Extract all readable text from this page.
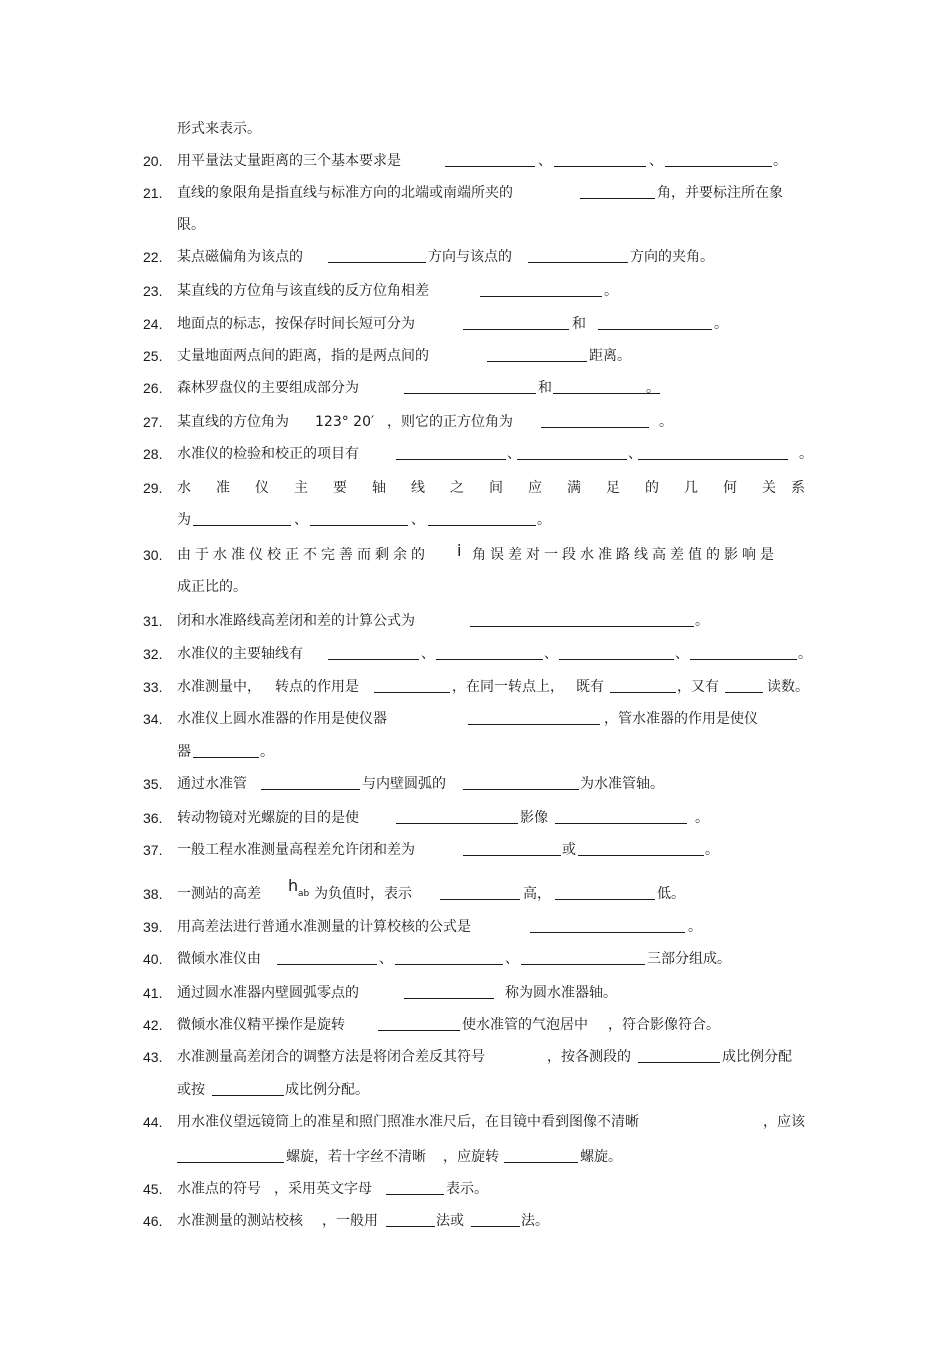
形式来表示。
20. 用平量法丈量距离的三个基本要求是	、	、	。
21. 直线的象限角是指直线与标准方向的北端或南端所夹的	角，并要标注所在象
限。
22. 某点磁偏角为该点的	方向与该点的	方向的夹角。
23. 某直线的方位角与该直线的反方位角相差	。
24. 地面点的标志，按保存时间长短可分为	和	。
25. 丈量地面两点间的距离，指的是两点间的	距离。
26. 森林罗盘仪的主要组成部分为	和	。
27. 某直线的方位角为 123° 20′ ，则它的正方位角为	。
28. 水准仪的检验和校正的项目有	、	、	。
29. 水 准 仪 主 要 轴 线 之 间 应 满 足 的 几 何 关 系
为	、	、	。
30. 由于水准仪校正不完善而剩余的 i 角误差对一段水准路线高差值的影响是
成正比的。
31. 闭和水准路线高差闭和差的计算公式为	。
32. 水准仪的主要轴线有	、	、	、	。
33. 水准测量中， 转点的作用是	，在同一转点上， 既有	，又有	读数。
34. 水准仪上圆水准器的作用是使仪器	，管水准器的作用是使仪
器	。
35. 通过水准管	与内壁圆弧的	为水准管轴。
36. 转动物镜对光螺旋的目的是使	影像	。
37. 一般工程水准测量高程差允许闭和差为	或	。
38. 一测站的高差 h ab 为负值时，表示	高，	低。
39. 用高差法进行普通水准测量的计算校核的公式是	。
40. 微倾水准仪由	、	、	三部分组成。
41. 通过圆水准器内壁圆弧零点的	称为圆水准器轴。
42. 微倾水准仪精平操作是旋转	使水准管的气泡居中 ，符合影像符合。
43. 水准测量高差闭合的调整方法是将闭合差反其符号	，按各测段的	成比例分配
或按	成比例分配。
44. 用水准仪望远镜筒上的准星和照门照准水准尺后，在目镜中看到图像不清晰	，应该
螺旋，若十字丝不清晰 ，应旋转	螺旋。
45. 水准点的符号 ，采用英文字母	表示。
46. 水准测量的测站校核 ，一般用	法或	法。
